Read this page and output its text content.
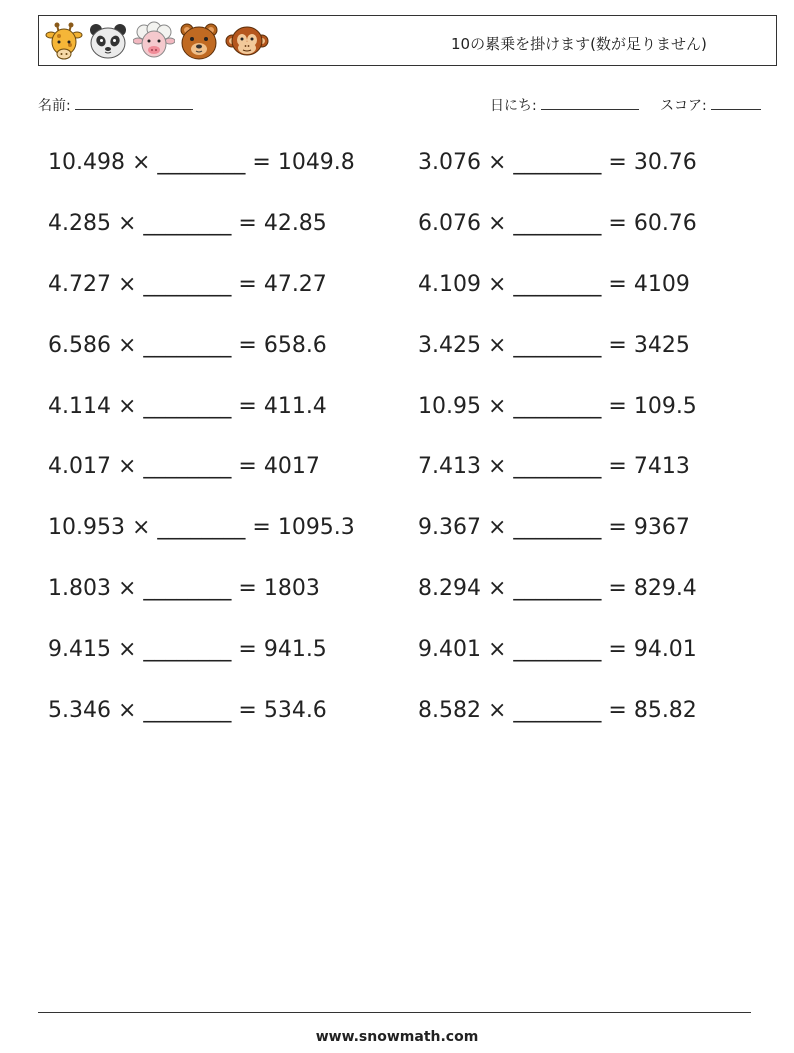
10の累乗を掛けます(数が足りません)
名前:	日にち:	スコア:
10.498 × ________ = 1049.8
4.285 × ________ = 42.85
4.727 × ________ = 47.27
6.586 × ________ = 658.6
4.114 × ________ = 411.4
4.017 × ________ = 4017
10.953 × ________ = 1095.3
1.803 × ________ = 1803
9.415 × ________ = 941.5
5.346 × ________ = 534.6
3.076 × ________ = 30.76
6.076 × ________ = 60.76
4.109 × ________ = 4109
3.425 × ________ = 3425
10.95 × ________ = 109.5
7.413 × ________ = 7413
9.367 × ________ = 9367
8.294 × ________ = 829.4
9.401 × ________ = 94.01
8.582 × ________ = 85.82
www.snowmath.com
